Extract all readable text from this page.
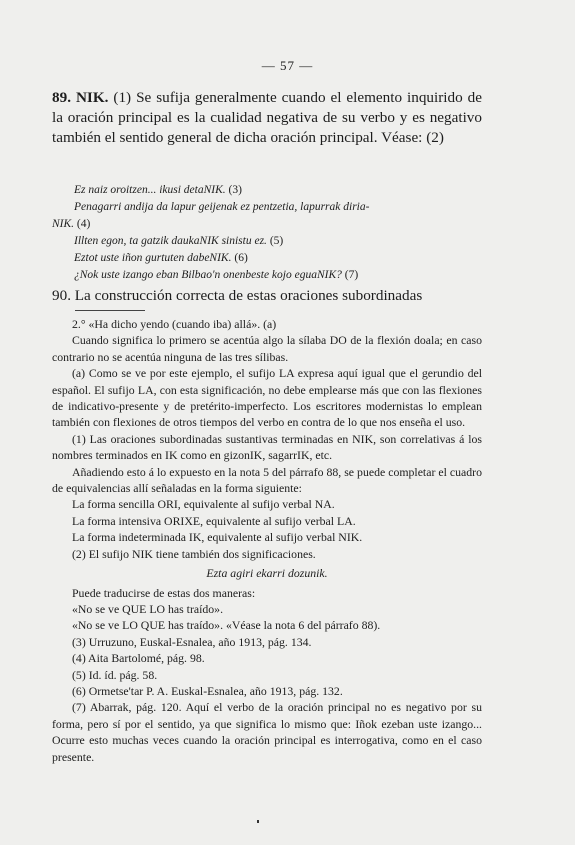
— 57 —
89. NIK. (1) Se sufija generalmente cuando el elemento inquirido de la oración principal es la cualidad negativa de su verbo y es negativo también el sentido general de dicha oración principal. Véase: (2)

Ez naiz oroitzen... ikusi detaNIK. (3)

Penagarri andija da lapur geijenak ez pentzetia, lapurrak diria-

NIK. (4)

Illten egon, ta gatzik daukaNIK sinistu ez. (5)

Eztot uste iñon gurtuten dabeNIK. (6)

¿Nok uste izango eban Bilbao'n onenbeste kojo eguaNIK? (7)

90. La construcción correcta de estas oraciones subordinadas

2.° «Ha dicho yendo (cuando iba) allá». (a)

Cuando significa lo primero se acentúa algo la sílaba DO de la flexión doala; en caso contrario no se acentúa ninguna de las tres sílibas.

(a) Como se ve por este ejemplo, el sufijo LA expresa aquí igual que el gerundio del español. El sufijo LA, con esta significación, no debe emplearse más que con las flexiones de indicativo-presente y de pretérito-imperfecto. Los escritores modernistas lo emplean también con flexiones de otros tiempos del verbo en contra de lo que nos enseña el uso.

(1) Las oraciones subordinadas sustantivas terminadas en NIK, son correlativas á los nombres terminados en IK como en gizonIK, sagarrIK, etc.

Añadiendo esto á lo expuesto en la nota 5 del párrafo 88, se puede completar el cuadro de equivalencias allí señaladas en la forma siguiente:

La forma sencilla ORI, equivalente al sufijo verbal NA.

La forma intensiva ORIXE, equivalente al sufijo verbal LA.

La forma indeterminada IK, equivalente al sufijo verbal NIK.

(2) El sufijo NIK tiene también dos significaciones.

Ezta agiri ekarri dozunik.

Puede traducirse de estas dos maneras:

«No se ve QUE LO has traído».

«No se ve LO QUE has traído». «Véase la nota 6 del párrafo 88).

(3) Urruzuno, Euskal-Esnalea, año 1913, pág. 134.

(4) Aita Bartolomé, pág. 98.

(5) Id. íd. pág. 58.

(6) Ormetse'tar P. A. Euskal-Esnalea, año 1913, pág. 132.

(7) Abarrak, pág. 120. Aquí el verbo de la oración principal no es negativo por su forma, pero sí por el sentido, ya que significa lo mismo que: Iñok ezeban uste izango... Ocurre esto muchas veces cuando la oración principal es interrogativa, como en el caso presente.
